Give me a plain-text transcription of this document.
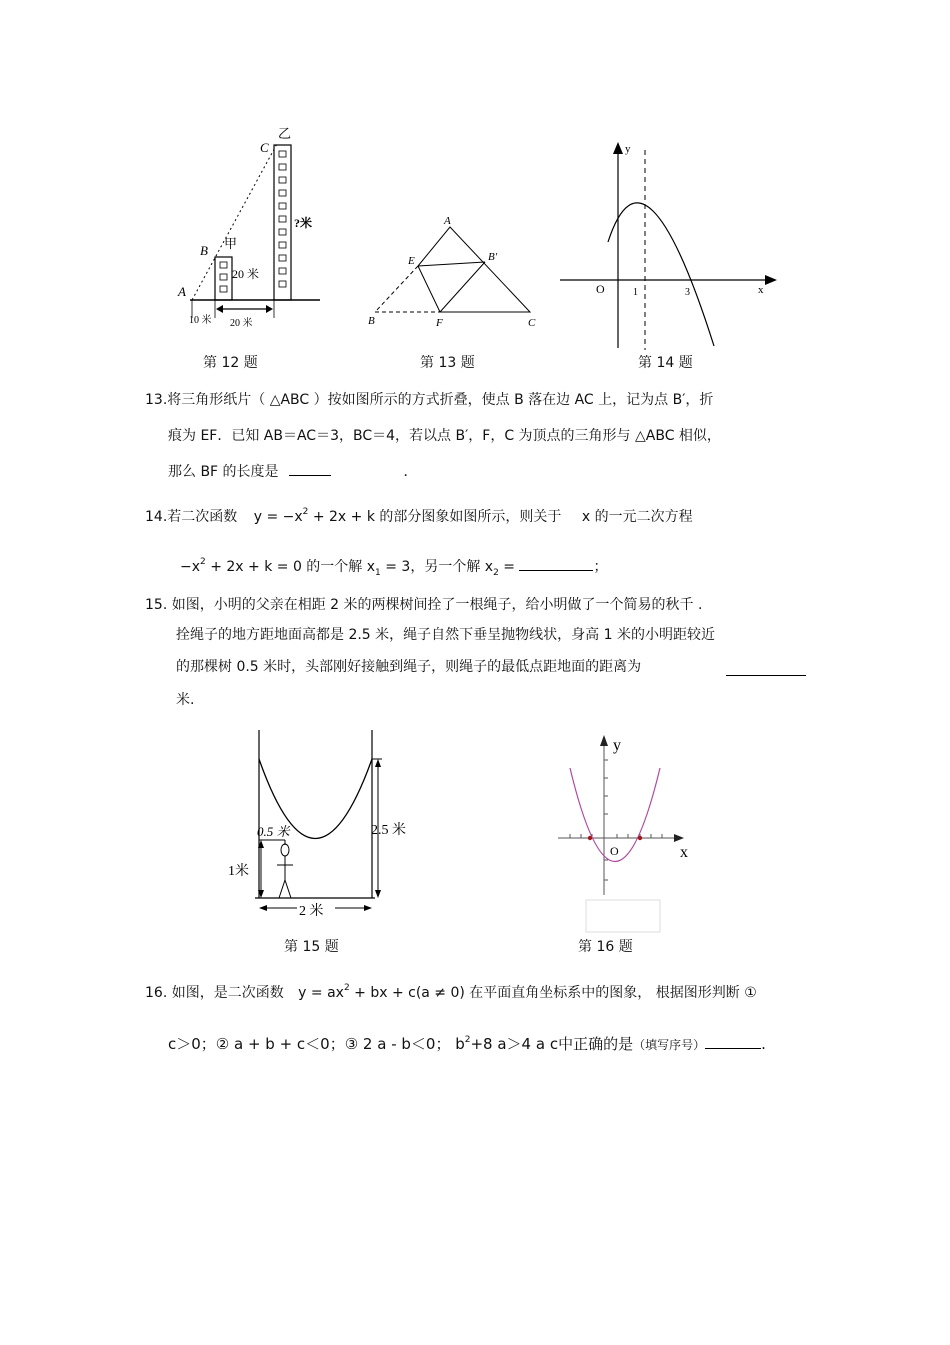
C
乙
B 甲
A
20 米
?米
10 米 20 米
第 12 题
A
E	B′
B	F	C
第 13 题
y
O	1	3	x
第 14 题
13.将三角形纸片（ △ABC ）按如图所示的方式折叠，使点 B 落在边 AC 上，记为点 B′，折
痕为 EF．已知 AB＝AC＝3，BC＝4，若以点 B′，F，C 为顶点的三角形与 △ABC 相似，
那么 BF 的长度是	．
14.若二次函数 $y = -x^2 + 2x + k$ 的部分图象如图所示，则关于 x 的一元二次方程
$-x^2 + 2x + k = 0$ 的一个解 $x_1 = 3$，另一个解 $x_2$ =	；
15. 如图，小明的父亲在相距 2 米的两棵树间拴了一根绳子，给小明做了一个简易的秋千 .
拴绳子的地方距地面高都是 2.5 米，绳子自然下垂呈抛物线状，身高 1 米的小明距较近
的那棵树 0.5 米时，头部刚好接触到绳子，则绳子的最低点距地面的距离为
米.
0.5 米	2.5 米
1米
2 米
第 15 题
y
O	x
第 16 题
16. 如图，是二次函数 $y = ax^2$ + bx + c(a ≠ 0) 在平面直角坐标系中的图象， 根据图形判断 ①
c＞0；② a + b + c＜0；③ 2 a - b＜0； $b^2+8$ a＞4 a c中正确的是（填写序号）	.
